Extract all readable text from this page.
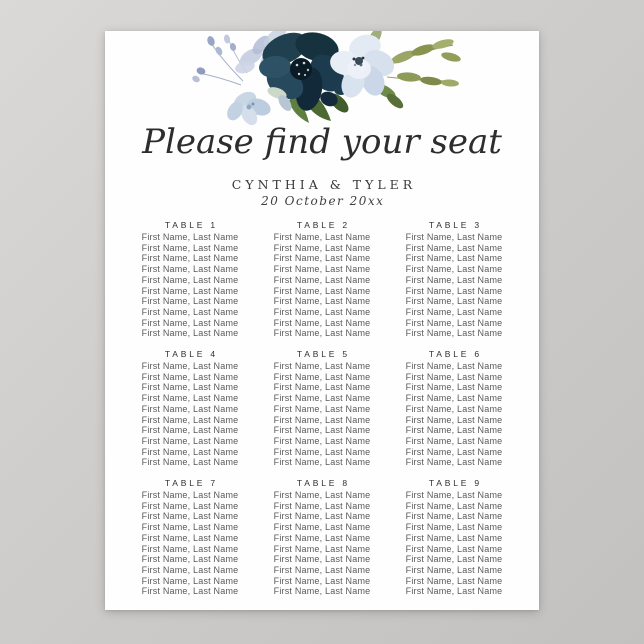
Please find your seat
CYNTHIA & TYLER
20 October 20xx
TABLE 1
First Name, Last Name
First Name, Last Name
First Name, Last Name
First Name, Last Name
First Name, Last Name
First Name, Last Name
First Name, Last Name
First Name, Last Name
First Name, Last Name
First Name, Last Name
TABLE 2
First Name, Last Name
First Name, Last Name
First Name, Last Name
First Name, Last Name
First Name, Last Name
First Name, Last Name
First Name, Last Name
First Name, Last Name
First Name, Last Name
First Name, Last Name
TABLE 3
First Name, Last Name
First Name, Last Name
First Name, Last Name
First Name, Last Name
First Name, Last Name
First Name, Last Name
First Name, Last Name
First Name, Last Name
First Name, Last Name
First Name, Last Name
TABLE 4
First Name, Last Name
First Name, Last Name
First Name, Last Name
First Name, Last Name
First Name, Last Name
First Name, Last Name
First Name, Last Name
First Name, Last Name
First Name, Last Name
First Name, Last Name
TABLE 5
First Name, Last Name
First Name, Last Name
First Name, Last Name
First Name, Last Name
First Name, Last Name
First Name, Last Name
First Name, Last Name
First Name, Last Name
First Name, Last Name
First Name, Last Name
TABLE 6
First Name, Last Name
First Name, Last Name
First Name, Last Name
First Name, Last Name
First Name, Last Name
First Name, Last Name
First Name, Last Name
First Name, Last Name
First Name, Last Name
First Name, Last Name
TABLE 7
First Name, Last Name
First Name, Last Name
First Name, Last Name
First Name, Last Name
First Name, Last Name
First Name, Last Name
First Name, Last Name
First Name, Last Name
First Name, Last Name
First Name, Last Name
TABLE 8
First Name, Last Name
First Name, Last Name
First Name, Last Name
First Name, Last Name
First Name, Last Name
First Name, Last Name
First Name, Last Name
First Name, Last Name
First Name, Last Name
First Name, Last Name
TABLE 9
First Name, Last Name
First Name, Last Name
First Name, Last Name
First Name, Last Name
First Name, Last Name
First Name, Last Name
First Name, Last Name
First Name, Last Name
First Name, Last Name
First Name, Last Name
